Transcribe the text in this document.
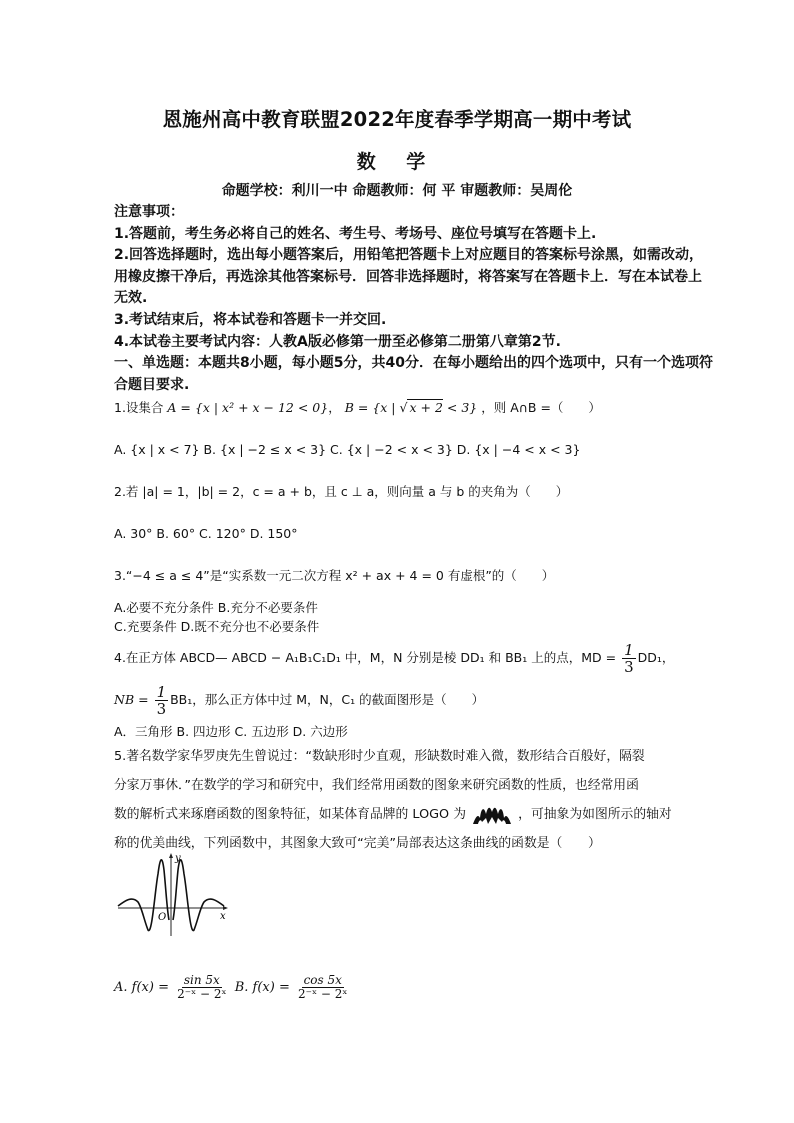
恩施州高中教育联盟2022年度春季学期高一期中考试
数 学
命题学校：利川一中 命题教师：何 平 审题教师：吴周伦

注意事项：

1.答题前，考生务必将自己的姓名、考生号、考场号、座位号填写在答题卡上.

2.回答选择题时，选出每小题答案后，用铅笔把答题卡上对应题目的答案标号涂黑，如需改动，用橡皮擦干净后，再选涂其他答案标号．回答非选择题时，将答案写在答题卡上．写在本试卷上无效.

3.考试结束后，将本试卷和答题卡一并交回.

4.本试卷主要考试内容：人教A版必修第一册至必修第二册第八章第2节.

一、单选题：本题共8小题，每小题5分，共40分．在每小题给出的四个选项中，只有一个选项符合题目要求.

1.设集合 A = {x | x² + x − 12 < 0}， B = {x | √ x + 2 < 3} ，则 A∩B =（　　）

A. {x | x < 7} B. {x | −2 ≤ x < 3} C. {x | −2 < x < 3} D. {x | −4 < x < 3}

2.若 |a| = 1，|b| = 2，c = a + b，且 c ⊥ a，则向量 a 与 b 的夹角为（　　）

A. 30° B. 60° C. 120° D. 150°

3.“−4 ≤ a ≤ 4”是“实系数一元二次方程 x² + ax + 4 = 0 有虚根”的（　　）

A.必要不充分条件 B.充分不必要条件

C.充要条件 D.既不充分也不必要条件

4.在正方体 ABCD— ABCD − A₁B₁C₁D₁ 中，M，N 分别是棱 DD₁ 和 BB₁ 上的点，MD = $\frac{1}{3} DD_1$，

NB = $\frac{1}{3} BB_1$，那么正方体中过 M，N，C₁ 的截面图形是（　　）

A．三角形 B. 四边形 C. 五边形 D. 六边形

5.著名数学家华罗庚先生曾说过：“数缺形时少直观，形缺数时难入微，数形结合百般好，隔裂

分家万事休．”在数学的学习和研究中，我们经常用函数的图象来研究函数的性质，也经常用函

数的解析式来琢磨函数的图象特征，如某体育品牌的 LOGO 为	，可抽象为如图所示的轴对

称的优美曲线，下列函数中，其图象大致可“完美”局部表达这条曲线的函数是（　　）

y
x
O

A. $f(x) = \frac{\sin 5x}{\text{2⁻ˣ − 2ˣ}} B$. $f(x) = \frac{\cos 5x}{\text{2⁻ˣ − 2ˣ}}$
